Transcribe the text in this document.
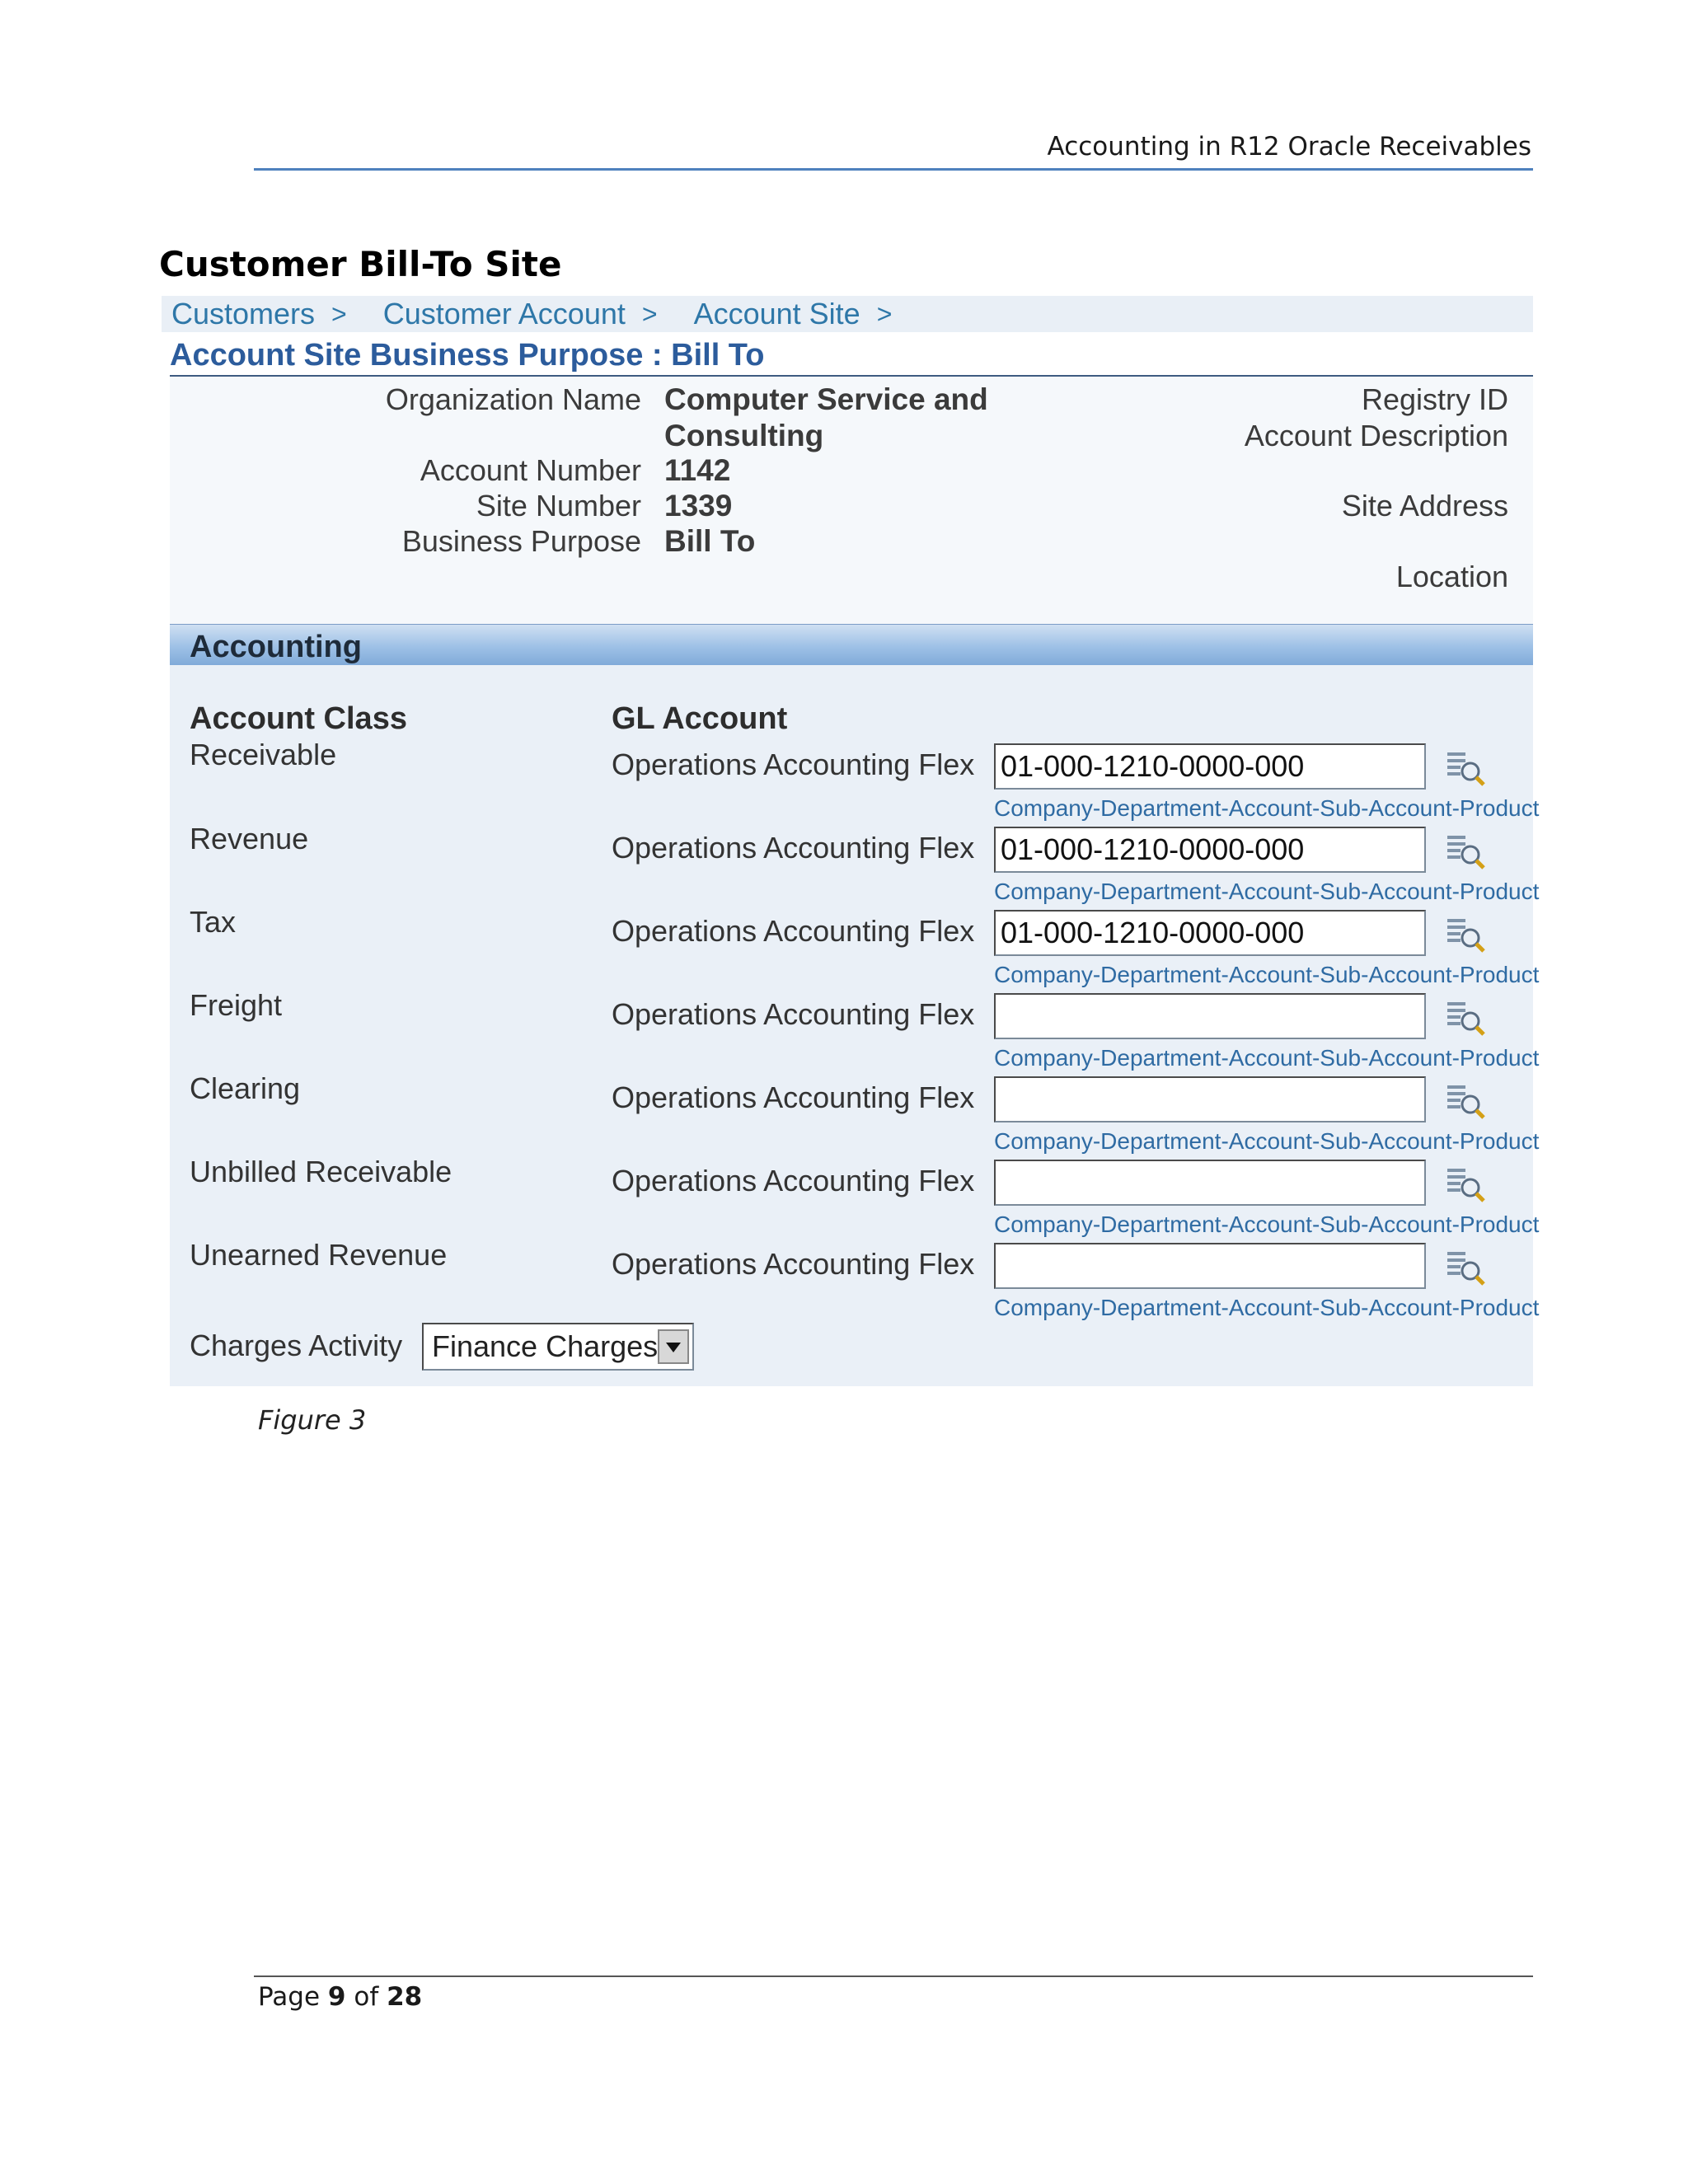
Accounting in R12 Oracle Receivables
Customer Bill-To Site
Customers > Customer Account > Account Site >
Account Site Business Purpose : Bill To
Organization Name Computer Service and
Consulting
Account Number 1142
Site Number 1339
Business Purpose Bill To
Registry ID
Account Description
Site Address
Location
Accounting
Account Class	GL Account
Receivable	Operations Accounting Flex
01-000-1210-0000-000
Company-Department-Account-Sub-Account-Product
Revenue	Operations Accounting Flex
01-000-1210-0000-000
Company-Department-Account-Sub-Account-Product
Tax	Operations Accounting Flex
01-000-1210-0000-000
Company-Department-Account-Sub-Account-Product
Freight	Operations Accounting Flex
Company-Department-Account-Sub-Account-Product
Clearing	Operations Accounting Flex
Company-Department-Account-Sub-Account-Product
Unbilled Receivable	Operations Accounting Flex
Company-Department-Account-Sub-Account-Product
Unearned Revenue	Operations Accounting Flex
Company-Department-Account-Sub-Account-Product
Charges Activity Finance Charges
Figure 3
Page 9 of 28
